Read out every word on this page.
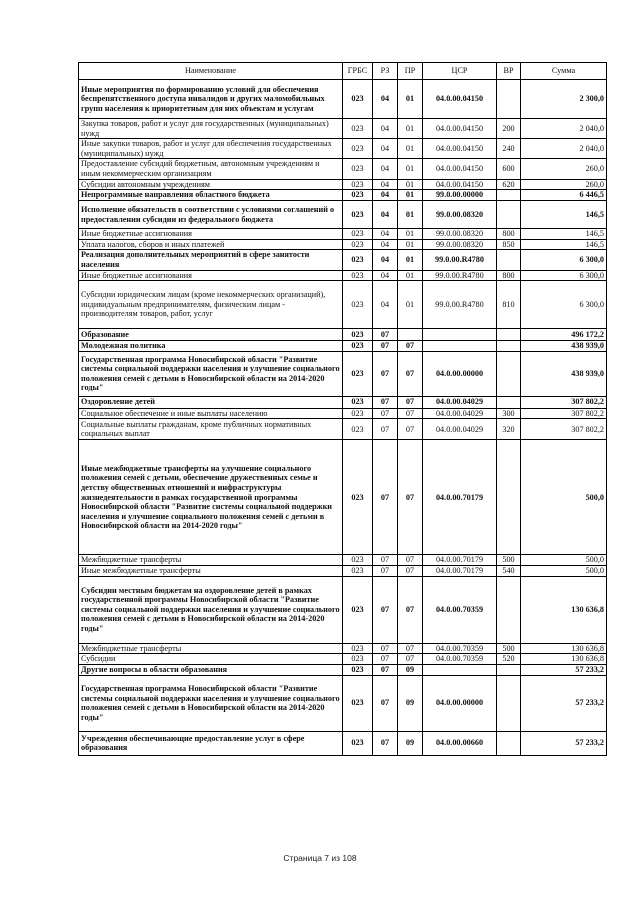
Наименование	ГРБС	РЗ	ПР	ЦСР	ВР	Сумма
Иные мероприятия по формированию условий для обеспечения беспрепятственного доступа инвалидов и других маломобильных групп населения к приоритетным для них объектам и услугам	023	04	01	04.0.00.04150		2 300,0
Закупка товаров, работ и услуг для государственных (муниципальных) нужд	023	04	01	04.0.00.04150	200	2 040,0
Иные закупки товаров, работ и услуг для обеспечения государственных (муниципальных) нужд	023	04	01	04.0.00.04150	240	2 040,0
Предоставление субсидий бюджетным, автономным учреждениям и иным некоммерческим организациям	023	04	01	04.0.00.04150	600	260,0
Субсидии автономным учреждениям	023	04	01	04.0.00.04150	620	260,0
Непрограммные направления областного бюджета	023	04	01	99.0.00.00000		6 446,5
Исполнение обязательств в соответствии с условиями соглашений о предоставлении субсидии из федерального бюджета	023	04	01	99.0.00.08320		146,5
Иные бюджетные ассигнования	023	04	01	99.0.00.08320	800	146,5
Уплата налогов, сборов и иных платежей	023	04	01	99.0.00.08320	850	146,5
Реализация дополнительных мероприятий в сфере занятости населения	023	04	01	99.0.00.R4780		6 300,0
Иные бюджетные ассигнования	023	04	01	99.0.00.R4780	800	6 300,0
Субсидии юридическим лицам (кроме некоммерческих организаций), индивидуальным предпринимателям, физическим лицам - производителям товаров, работ, услуг	023	04	01	99.0.00.R4780	810	6 300,0
Образование	023	07				496 172,2
Молодежная политика	023	07	07			438 939,0
Государственная программа Новосибирской области "Развитие системы социальной поддержки населения и улучшение социального положения семей с детьми в Новосибирской области на 2014-2020 годы"	023	07	07	04.0.00.00000		438 939,0
Оздоровление детей	023	07	07	04.0.00.04029		307 802,2
Социальное обеспечение и иные выплаты населению	023	07	07	04.0.00.04029	300	307 802,2
Социальные выплаты гражданам, кроме публичных нормативных социальных выплат	023	07	07	04.0.00.04029	320	307 802,2
Иные межбюджетные трансферты на улучшение социального положения семей с детьми, обеспечение дружественных семье и детству общественных отношений и инфраструктуры жизнедеятельности в рамках государственной программы Новосибирской области "Развитие системы социальной поддержки населения и улучшение социального положения семей с детьми в Новосибирской области на 2014-2020 годы"	023	07	07	04.0.00.70179		500,0
Межбюджетные трансферты	023	07	07	04.0.00.70179	500	500,0
Иные межбюджетные трансферты	023	07	07	04.0.00.70179	540	500,0
Субсидии местным бюджетам на оздоровление детей в рамках государственной программы Новосибирской области "Развитие системы социальной поддержки населения и улучшение социального положения семей с детьми в Новосибирской области на 2014-2020 годы"	023	07	07	04.0.00.70359		130 636,8
Межбюджетные трансферты	023	07	07	04.0.00.70359	500	130 636,8
Субсидии	023	07	07	04.0.00.70359	520	130 636,8
Другие вопросы в области образования	023	07	09			57 233,2
Государственная программа Новосибирской области "Развитие системы социальной поддержки населения и улучшение социального положения семей с детьми в Новосибирской области на 2014-2020 годы"	023	07	09	04.0.00.00000		57 233,2
Учреждения обеспечивающие предоставление услуг в сфере образования	023	07	09	04.0.00.00660		57 233,2
Страница 7 из 108
